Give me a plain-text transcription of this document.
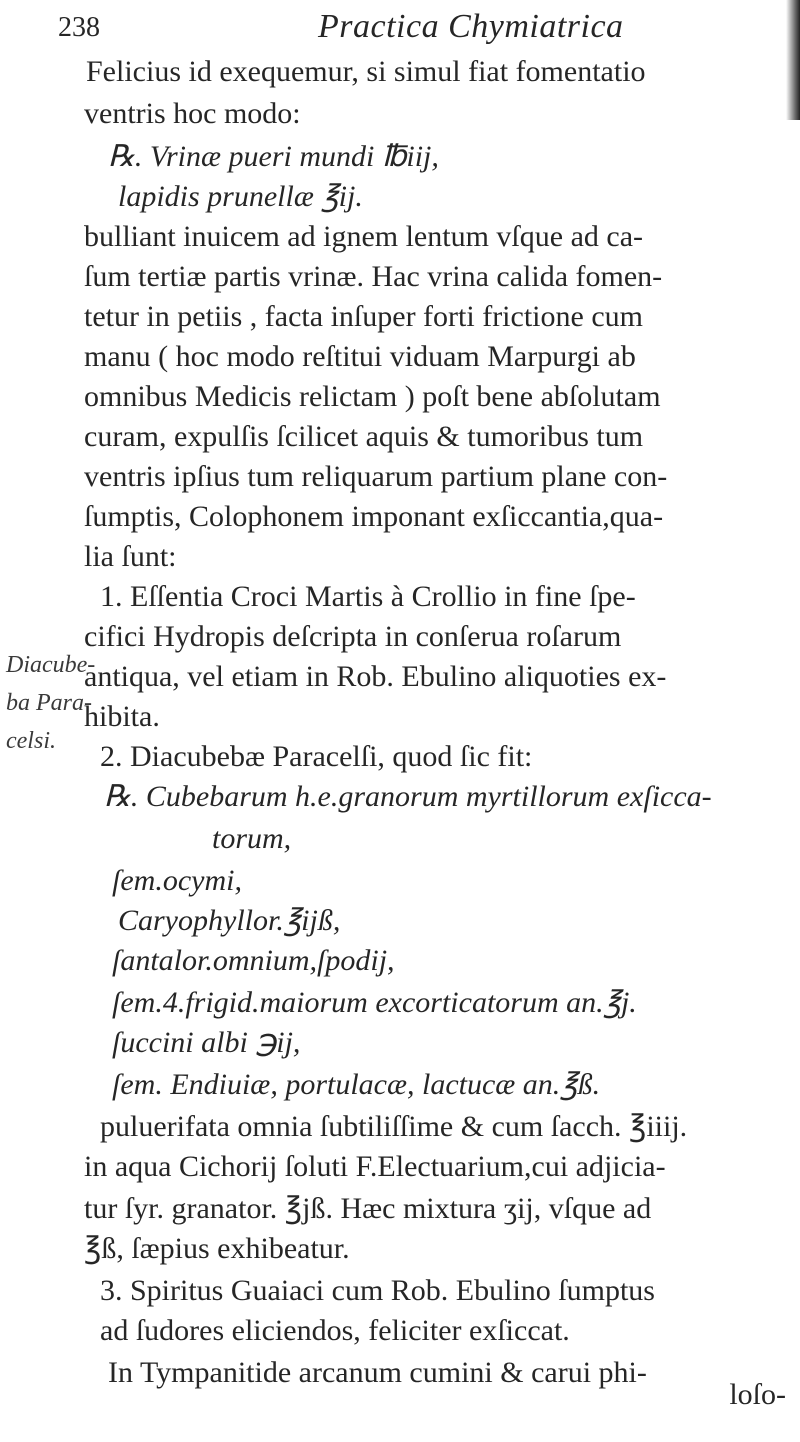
238	Practica Chymiatrica
Diacube-
ba Para-
celsi.
Felicius id exequemur, si simul fiat fomentatio
ventris hoc modo:
℞. Vrinæ pueri mundi ℔iij,
lapidis prunellæ ℥ij.
bulliant inuicem ad ignem lentum vſque ad ca-
ſum tertiæ partis vrinæ. Hac vrina calida fomen-
tetur in petiis , facta inſuper forti frictione cum
manu ( hoc modo reſtitui viduam Marpurgi ab
omnibus Medicis relictam ) poſt bene abſolutam
curam, expulſis ſcilicet aquis & tumoribus tum
ventris ipſius tum reliquarum partium plane con-
ſumptis, Colophonem imponant exſiccantia,qua-
lia ſunt:
1. Eſſentia Croci Martis à Crollio in fine ſpe-
cifici Hydropis deſcripta in conſerua roſarum
antiqua, vel etiam in Rob. Ebulino aliquoties ex-
hibita.
2. Diacubebæ Paracelſi, quod ſic fit:
℞. Cubebarum h.e.granorum myrtillorum exſicca-
torum,
ſem.ocymi,
Caryophyllor.℥ijß,
ſantalor.omnium,ſpodij,
ſem.4.frigid.maiorum excorticatorum an.℥j.
ſuccini albi ℈ij,
ſem. Endiuiæ, portulacæ, lactucæ an.℥ß.
puluerifata omnia ſubtiliſſime & cum ſacch. ℥iiij.
in aqua Cichorij ſoluti F.Electuarium,cui adjicia-
tur ſyr. granator. ℥jß. Hæc mixtura ʒij, vſque ad
℥ß, ſæpius exhibeatur.
3. Spiritus Guaiaci cum Rob. Ebulino ſumptus
ad ſudores eliciendos, feliciter exſiccat.
In Tympanitide arcanum cumini & carui phi-
loſo-
